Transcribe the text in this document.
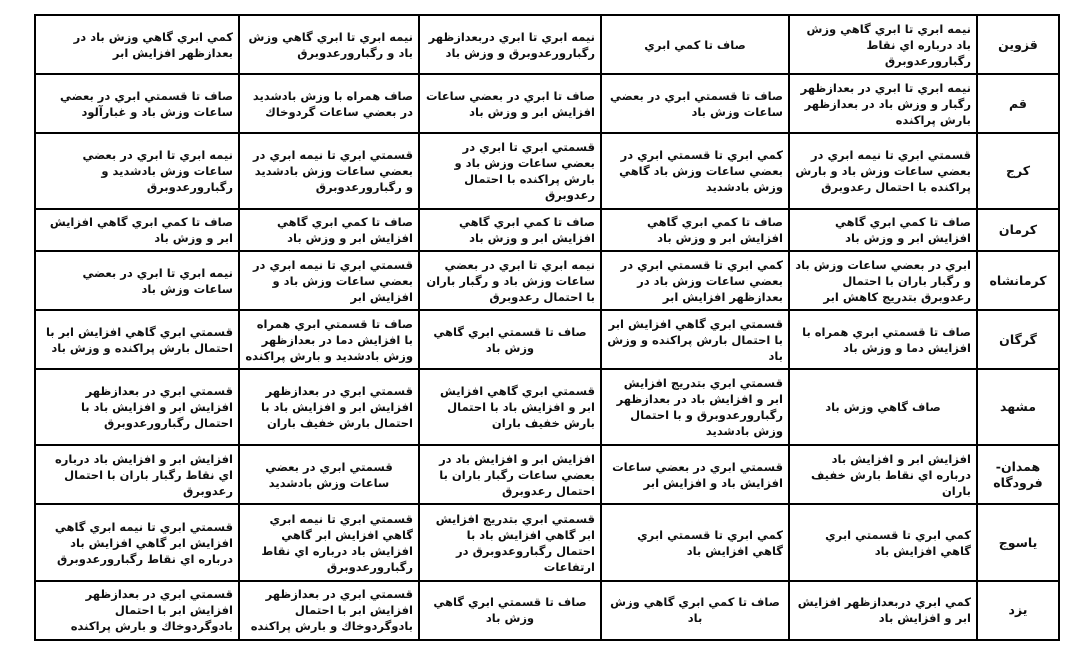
قزوين	نيمه ابري تا ابري گاهي وزش باد درباره اي نقاط رگبارورعدوبرق	صاف تا كمي ابري	نيمه ابري تا ابري دربعدازظهر رگبارورعدوبرق و وزش باد	نيمه ابري تا ابري گاهي وزش باد و رگبارورعدوبرق	كمي ابري گاهي وزش باد در بعدازظهر افزايش ابر
قم	نيمه ابري تا ابري در بعدازظهر رگبار و وزش باد در بعدازظهر بارش پراكنده	صاف تا قسمتي ابري در بعضي ساعات وزش باد	صاف تا ابري در بعضي ساعات افزايش ابر و وزش باد	صاف همراه با وزش بادشديد در بعضي ساعات گردوخاك	صاف تا قسمتي ابري در بعضي ساعات وزش باد و غبارآلود
كرج	قسمتي ابري تا نيمه ابري در بعضي ساعات وزش باد و بارش پراكنده با احتمال رعدوبرق	كمي ابري تا قسمتي ابري در بعضي ساعات وزش باد گاهي وزش بادشديد	قسمتي ابري تا ابري در بعضي ساعات وزش باد و بارش پراكنده با احتمال رعدوبرق	قسمتي ابري تا نيمه ابري در بعضي ساعات وزش بادشديد و رگبارورعدوبرق	نيمه ابري تا ابري در بعضي ساعات وزش بادشديد و رگبارورعدوبرق
كرمان	صاف تا كمي ابري گاهي افزايش ابر و وزش باد	صاف تا كمي ابري گاهي افزايش ابر و وزش باد	صاف تا كمي ابري گاهي افزايش ابر و وزش باد	صاف تا كمي ابري گاهي افزايش ابر و وزش باد	صاف تا كمي ابري گاهي افزايش ابر و وزش باد
كرمانشاه	ابري در بعضي ساعات وزش باد و رگبار باران با احتمال رعدوبرق بتدريج كاهش ابر	كمي ابري تا قسمتي ابري در بعضي ساعات وزش باد در بعدازظهر افزايش ابر	نيمه ابري تا ابري در بعضي ساعات وزش باد و رگبار باران با احتمال رعدوبرق	قسمتي ابري تا نيمه ابري در بعضي ساعات وزش باد و افزايش ابر	نيمه ابري تا ابري در بعضي ساعات وزش باد
گرگان	صاف تا قسمتي ابري همراه با افزايش دما و وزش باد	قسمتي ابري گاهي افزايش ابر با احتمال بارش پراكنده و وزش باد	صاف تا قسمتي ابري گاهي وزش باد	صاف تا قسمتي ابري همراه با افزايش دما در بعدازظهر وزش بادشديد و بارش پراكنده	قسمتي ابري گاهي افزايش ابر با احتمال بارش پراكنده و وزش باد
مشهد	صاف گاهي وزش باد	قسمتي ابري بتدريج افزايش ابر و افزايش باد در بعدازظهر رگبارورعدوبرق و با احتمال وزش بادشديد	قسمتي ابري گاهي افزايش ابر و افزايش باد با احتمال بارش خفيف باران	قسمتي ابري در بعدازظهر افزايش ابر و افزايش باد با احتمال بارش خفيف باران	قسمتي ابري در بعدازظهر افزايش ابر و افزايش باد با احتمال رگبارورعدوبرق
همدان- فرودگاه	افزايش ابر و افزايش باد درباره اي نقاط بارش خفيف باران	قسمتي ابري در بعضي ساعات افزايش باد و افزايش ابر	افزايش ابر و افزايش باد در بعضي ساعات رگبار باران با احتمال رعدوبرق	قسمتي ابري در بعضي ساعات وزش بادشديد	افزايش ابر و افزايش باد درباره اي نقاط رگبار باران با احتمال رعدوبرق
ياسوج	كمي ابري تا قسمتي ابري گاهي افزايش باد	كمي ابري تا قسمتي ابري گاهي افزايش باد	قسمتي ابري بتدريج افزايش ابر گاهي افزايش باد با احتمال رگباروعدوبرق در ارتفاعات	قسمتي ابري تا نيمه ابري گاهي افزايش ابر گاهي افزايش باد درباره اي نقاط رگبارورعدوبرق	قسمتي ابري تا نيمه ابري گاهي افزايش ابر گاهي افزايش باد درباره اي نقاط رگبارورعدوبرق
يزد	كمي ابري دربعدازظهر افزايش ابر و افزايش باد	صاف تا كمي ابري گاهي وزش باد	صاف تا قسمتي ابري گاهي وزش باد	قسمتي ابري در بعدازظهر افزايش ابر با احتمال بادوگردوخاك و بارش پراكنده	قسمتي ابري در بعدازظهر افزايش ابر با احتمال بادوگردوخاك و بارش پراكنده
